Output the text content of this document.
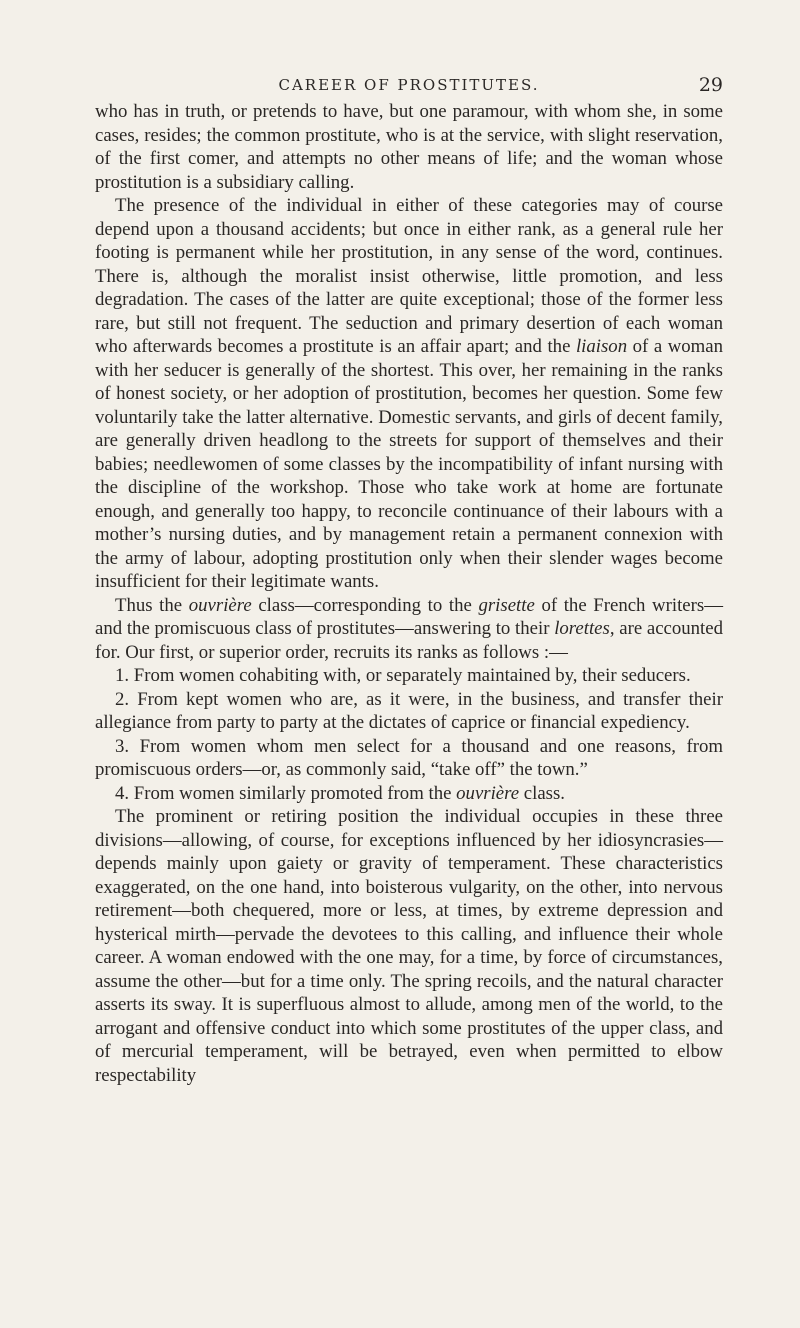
CAREER OF PROSTITUTES.	29

who has in truth, or pretends to have, but one paramour, with whom she, in some cases, resides; the common prostitute, who is at the service, with slight reservation, of the first comer, and attempts no other means of life; and the woman whose prostitution is a subsidiary calling.

The presence of the individual in either of these categories may of course depend upon a thousand accidents; but once in either rank, as a general rule her footing is permanent while her prostitution, in any sense of the word, continues. There is, although the moralist insist otherwise, little promotion, and less degradation. The cases of the latter are quite exceptional; those of the former less rare, but still not frequent. The seduction and primary desertion of each woman who afterwards becomes a prostitute is an affair apart; and the liaison of a woman with her seducer is generally of the shortest. This over, her remaining in the ranks of honest society, or her adoption of prostitution, becomes her question. Some few voluntarily take the latter alternative. Domestic servants, and girls of decent family, are generally driven headlong to the streets for support of themselves and their babies; needlewomen of some classes by the incompatibility of infant nursing with the discipline of the workshop. Those who take work at home are fortunate enough, and generally too happy, to reconcile continuance of their labours with a mother’s nursing duties, and by management retain a permanent connexion with the army of labour, adopting prostitution only when their slender wages become insufficient for their legitimate wants.

Thus the ouvrière class—corresponding to the grisette of the French writers—and the promiscuous class of prostitutes—answering to their lorettes, are accounted for. Our first, or superior order, recruits its ranks as follows :—

1. From women cohabiting with, or separately maintained by, their seducers.

2. From kept women who are, as it were, in the business, and transfer their allegiance from party to party at the dictates of caprice or financial expediency.

3. From women whom men select for a thousand and one reasons, from promiscuous orders—or, as commonly said, “take off” the town.”

4. From women similarly promoted from the ouvrière class.

The prominent or retiring position the individual occupies in these three divisions—allowing, of course, for exceptions influenced by her idiosyncrasies—depends mainly upon gaiety or gravity of temperament. These characteristics exaggerated, on the one hand, into boisterous vulgarity, on the other, into nervous retirement—both chequered, more or less, at times, by extreme depression and hysterical mirth—pervade the devotees to this calling, and influence their whole career. A woman endowed with the one may, for a time, by force of circumstances, assume the other—but for a time only. The spring recoils, and the natural character asserts its sway. It is superfluous almost to allude, among men of the world, to the arrogant and offensive conduct into which some prostitutes of the upper class, and of mercurial temperament, will be betrayed, even when permitted to elbow respectability
